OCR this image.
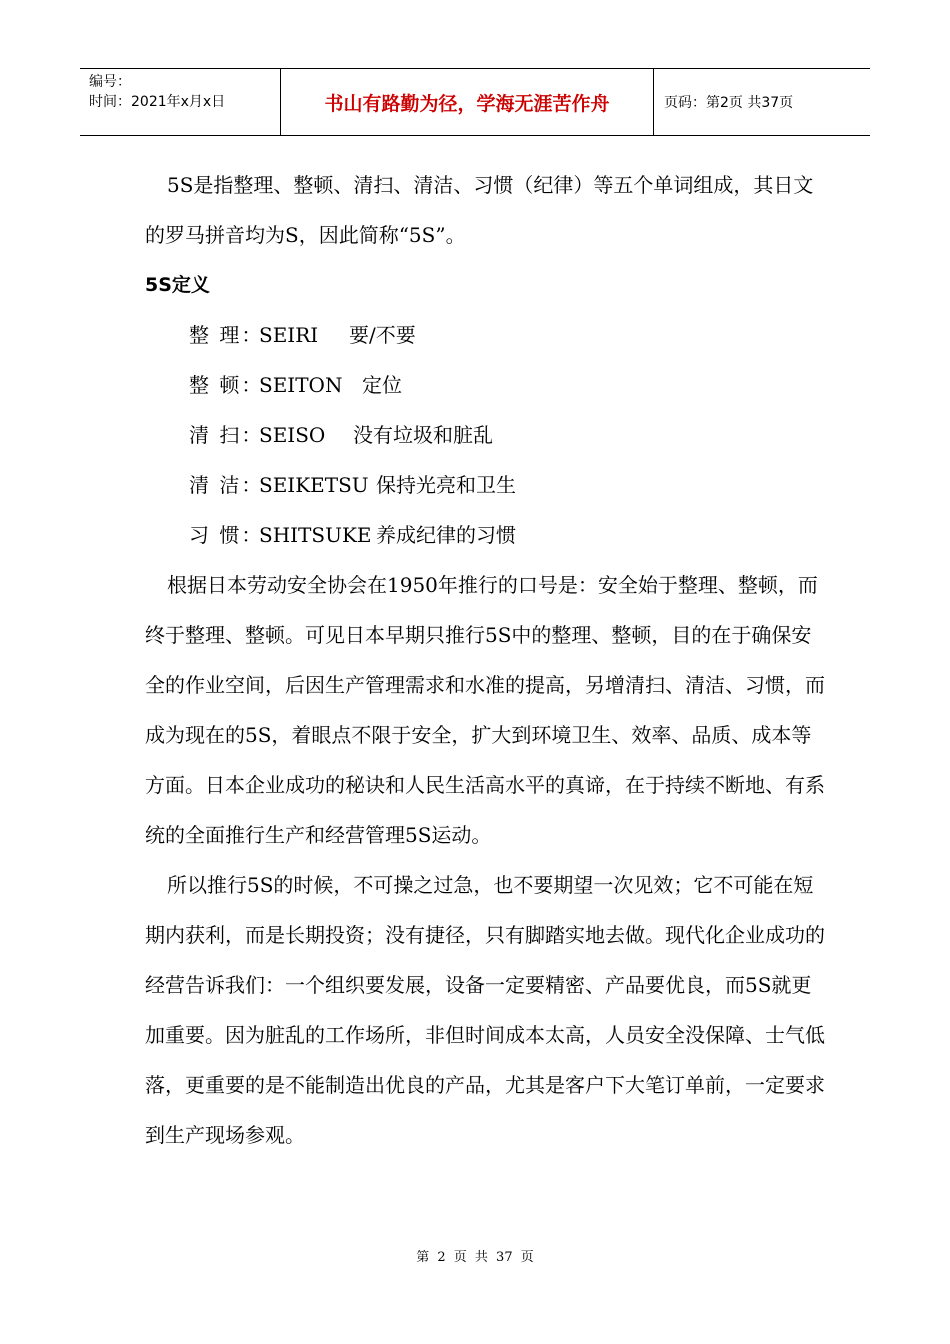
编号：
时间：2021年x月x日	书山有路勤为径，学海无涯苦作舟	页码：第2页 共37页

5S是指整理、整顿、清扫、清洁、习惯（纪律）等五个单词组成，其日文的罗马拼音均为S，因此简称“5S”。

5S定义

整 理：SEIRI 要/不要
整 顿：SEITON 定位
清 扫：SEISO 没有垃圾和脏乱
清 洁：SEIKETSU 保持光亮和卫生
习 惯：SHITSUKE 养成纪律的习惯

根据日本劳动安全协会在1950年推行的口号是：安全始于整理、整顿，而终于整理、整顿。可见日本早期只推行5S中的整理、整顿，目的在于确保安全的作业空间，后因生产管理需求和水准的提高，另增清扫、清洁、习惯，而成为现在的5S，着眼点不限于安全，扩大到环境卫生、效率、品质、成本等方面。日本企业成功的秘诀和人民生活高水平的真谛，在于持续不断地、有系统的全面推行生产和经营管理5S运动。

所以推行5S的时候，不可操之过急，也不要期望一次见效；它不可能在短期内获利，而是长期投资；没有捷径，只有脚踏实地去做。现代化企业成功的经营告诉我们：一个组织要发展，设备一定要精密、产品要优良，而5S就更加重要。因为脏乱的工作场所，非但时间成本太高，人员安全没保障、士气低落，更重要的是不能制造出优良的产品，尤其是客户下大笔订单前，一定要求到生产现场参观。

第 2 页 共 37 页
